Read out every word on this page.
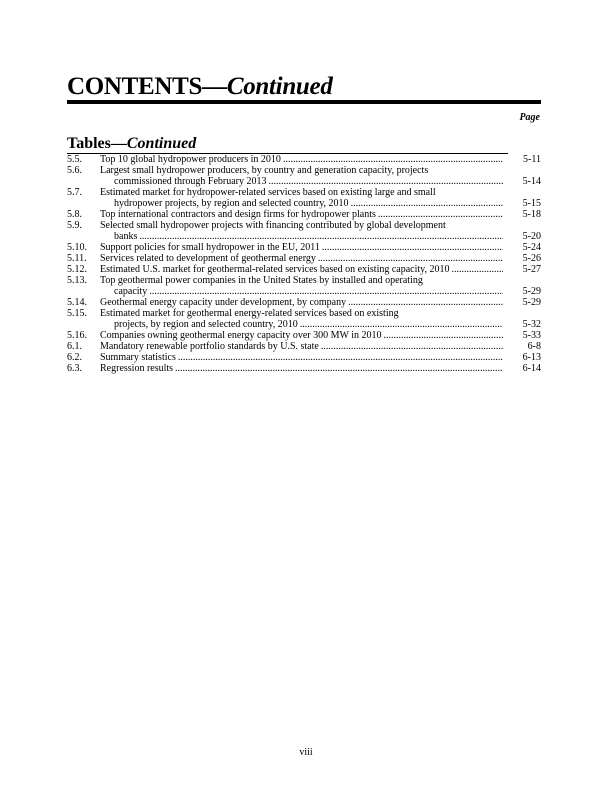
CONTENTS—Continued
Page
Tables—Continued
5.5.	Top 10 global hydropower producers in 2010 .....	5-11
5.6.	Largest small hydropower producers, by country and generation capacity, projects
commissioned through February 2013 .....	5-14
5.7.	Estimated market for hydropower-related services based on existing large and small
hydropower projects, by region and selected country, 2010 .....	5-15
5.8.	Top international contractors and design firms for hydropower plants .....	5-18
5.9.	Selected small hydropower projects with financing contributed by global development
banks .....	5-20
5.10.	Support policies for small hydropower in the EU, 2011 .....	5-24
5.11.	Services related to development of geothermal energy .....	5-26
5.12.	Estimated U.S. market for geothermal-related services based on existing capacity, 2010 .....	5-27
5.13.	Top geothermal power companies in the United States by installed and operating
capacity .....	5-29
5.14.	Geothermal energy capacity under development, by company .....	5-29
5.15.	Estimated market for geothermal energy-related services based on existing
projects, by region and selected country, 2010 .....	5-32
5.16.	Companies owning geothermal energy capacity over 300 MW in 2010 .....	5-33
6.1.	Mandatory renewable portfolio standards by U.S. state .....	6-8
6.2.	Summary statistics .....	6-13
6.3.	Regression results .....	6-14
viii
